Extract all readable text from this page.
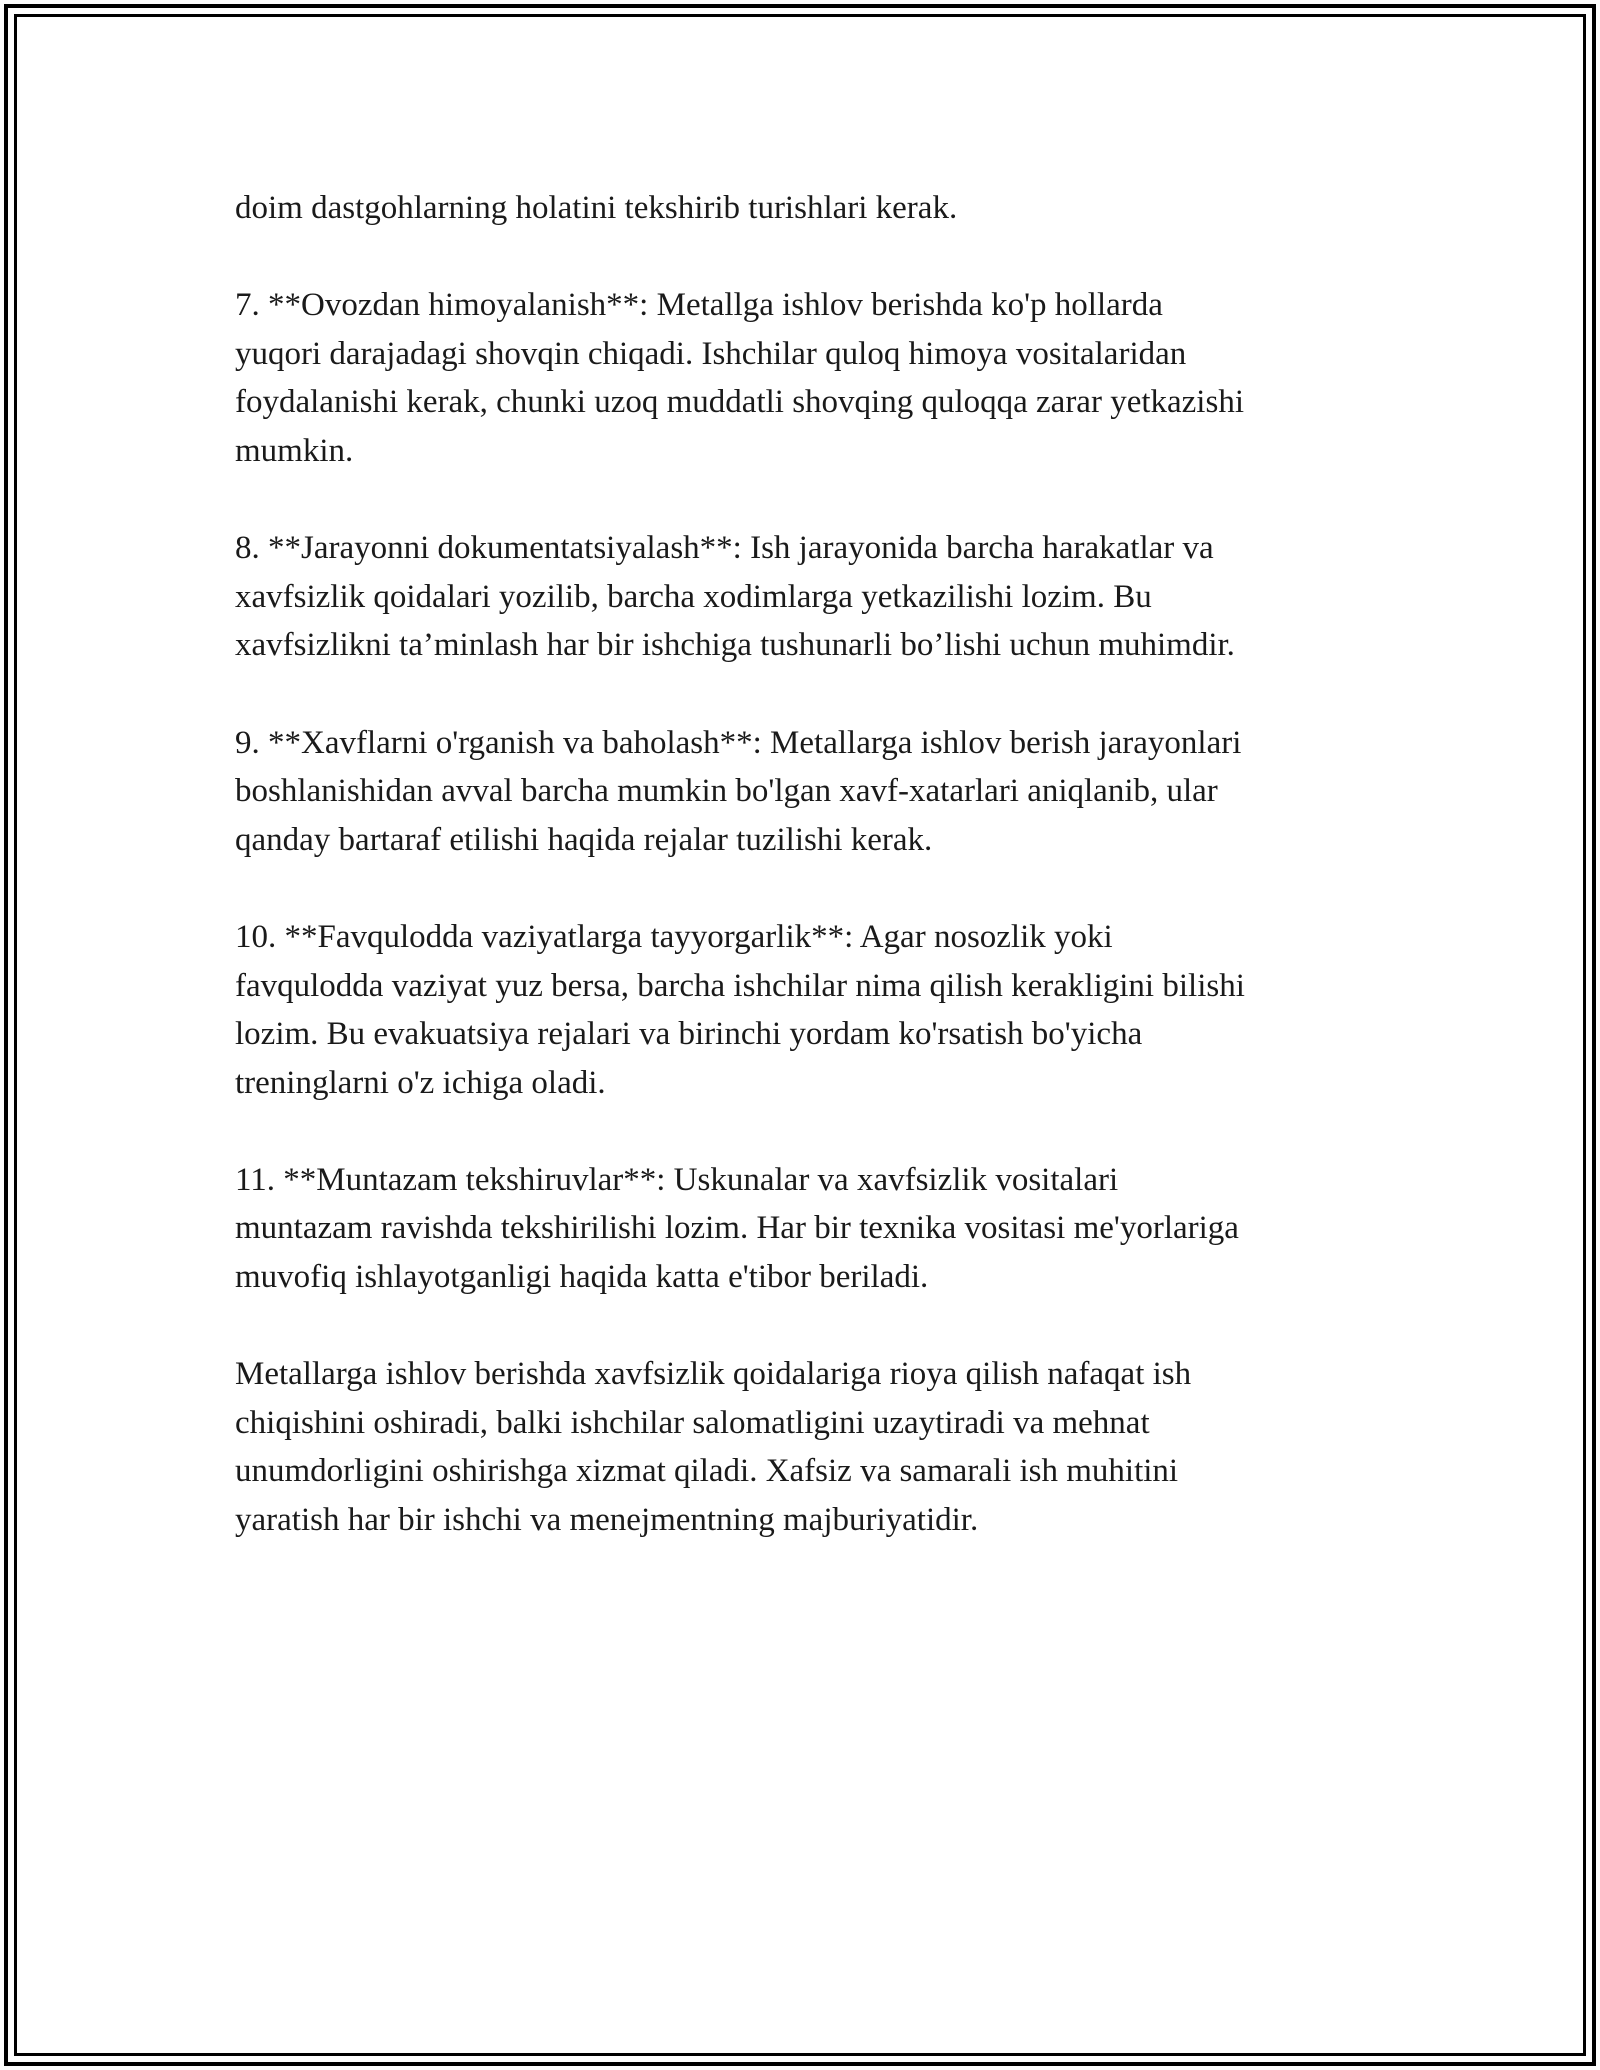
doim dastgohlarning holatini tekshirib turishlari kerak.

7. **Ovozdan himoyalanish**: Metallga ishlov berishda ko'p hollarda
yuqori darajadagi shovqin chiqadi. Ishchilar quloq himoya vositalaridan
foydalanishi kerak, chunki uzoq muddatli shovqing quloqqa zarar yetkazishi
mumkin.

8. **Jarayonni dokumentatsiyalash**: Ish jarayonida barcha harakatlar va
xavfsizlik qoidalari yozilib, barcha xodimlarga yetkazilishi lozim. Bu
xavfsizlikni ta’minlash har bir ishchiga tushunarli bo’lishi uchun muhimdir.

9. **Xavflarni o'rganish va baholash**: Metallarga ishlov berish jarayonlari
boshlanishidan avval barcha mumkin bo'lgan xavf-xatarlari aniqlanib, ular
qanday bartaraf etilishi haqida rejalar tuzilishi kerak.

10. **Favqulodda vaziyatlarga tayyorgarlik**: Agar nosozlik yoki
favqulodda vaziyat yuz bersa, barcha ishchilar nima qilish kerakligini bilishi
lozim. Bu evakuatsiya rejalari va birinchi yordam ko'rsatish bo'yicha
treninglarni o'z ichiga oladi.

11. **Muntazam tekshiruvlar**: Uskunalar va xavfsizlik vositalari
muntazam ravishda tekshirilishi lozim. Har bir texnika vositasi me'yorlariga
muvofiq ishlayotganligi haqida katta e'tibor beriladi.

Metallarga ishlov berishda xavfsizlik qoidalariga rioya qilish nafaqat ish
chiqishini oshiradi, balki ishchilar salomatligini uzaytiradi va mehnat
unumdorligini oshirishga xizmat qiladi. Xafsiz va samarali ish muhitini
yaratish har bir ishchi va menejmentning majburiyatidir.
